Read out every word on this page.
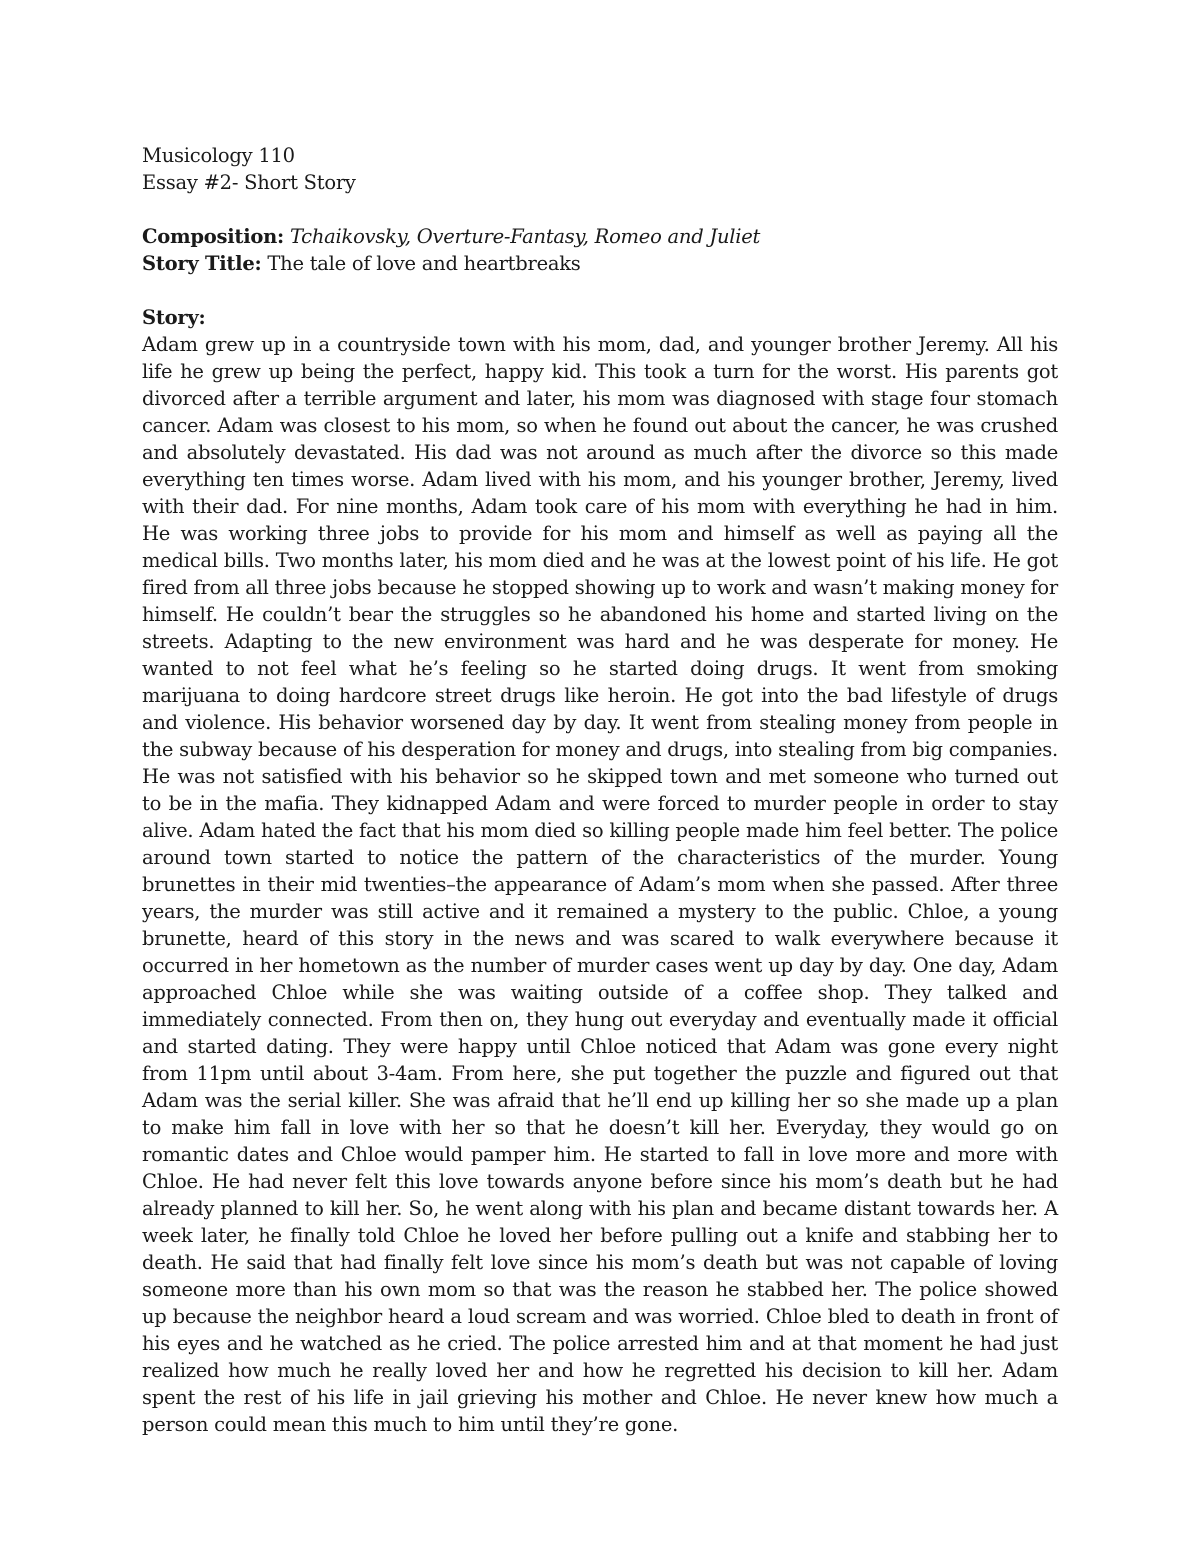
Musicology 110
Essay #2- Short Story
Composition: Tchaikovsky, Overture-Fantasy, Romeo and Juliet
Story Title: The tale of love and heartbreaks
Story:

Adam grew up in a countryside town with his mom, dad, and younger brother Jeremy. All his life he grew up being the perfect, happy kid. This took a turn for the worst. His parents got divorced after a terrible argument and later, his mom was diagnosed with stage four stomach cancer. Adam was closest to his mom, so when he found out about the cancer, he was crushed and absolutely devastated. His dad was not around as much after the divorce so this made everything ten times worse. Adam lived with his mom, and his younger brother, Jeremy, lived with their dad. For nine months, Adam took care of his mom with everything he had in him. He was working three jobs to provide for his mom and himself as well as paying all the medical bills. Two months later, his mom died and he was at the lowest point of his life. He got fired from all three jobs because he stopped showing up to work and wasn’t making money for himself. He couldn’t bear the struggles so he abandoned his home and started living on the streets. Adapting to the new environment was hard and he was desperate for money. He wanted to not feel what he’s feeling so he started doing drugs. It went from smoking marijuana to doing hardcore street drugs like heroin. He got into the bad lifestyle of drugs and violence. His behavior worsened day by day. It went from stealing money from people in the subway because of his desperation for money and drugs, into stealing from big companies. He was not satisfied with his behavior so he skipped town and met someone who turned out to be in the mafia. They kidnapped Adam and were forced to murder people in order to stay alive. Adam hated the fact that his mom died so killing people made him feel better. The police around town started to notice the pattern of the characteristics of the murder. Young brunettes in their mid twenties–the appearance of Adam’s mom when she passed. After three years, the murder was still active and it remained a mystery to the public. Chloe, a young brunette, heard of this story in the news and was scared to walk everywhere because it occurred in her hometown as the number of murder cases went up day by day. One day, Adam approached Chloe while she was waiting outside of a coffee shop. They talked and immediately connected. From then on, they hung out everyday and eventually made it official and started dating. They were happy until Chloe noticed that Adam was gone every night from 11pm until about 3-4am. From here, she put together the puzzle and figured out that Adam was the serial killer. She was afraid that he’ll end up killing her so she made up a plan to make him fall in love with her so that he doesn’t kill her. Everyday, they would go on romantic dates and Chloe would pamper him. He started to fall in love more and more with Chloe. He had never felt this love towards anyone before since his mom’s death but he had already planned to kill her. So, he went along with his plan and became distant towards her. A week later, he finally told Chloe he loved her before pulling out a knife and stabbing her to death. He said that had finally felt love since his mom’s death but was not capable of loving someone more than his own mom so that was the reason he stabbed her. The police showed up because the neighbor heard a loud scream and was worried. Chloe bled to death in front of his eyes and he watched as he cried. The police arrested him and at that moment he had just realized how much he really loved her and how he regretted his decision to kill her. Adam spent the rest of his life in jail grieving his mother and Chloe. He never knew how much a person could mean this much to him until they’re gone.
